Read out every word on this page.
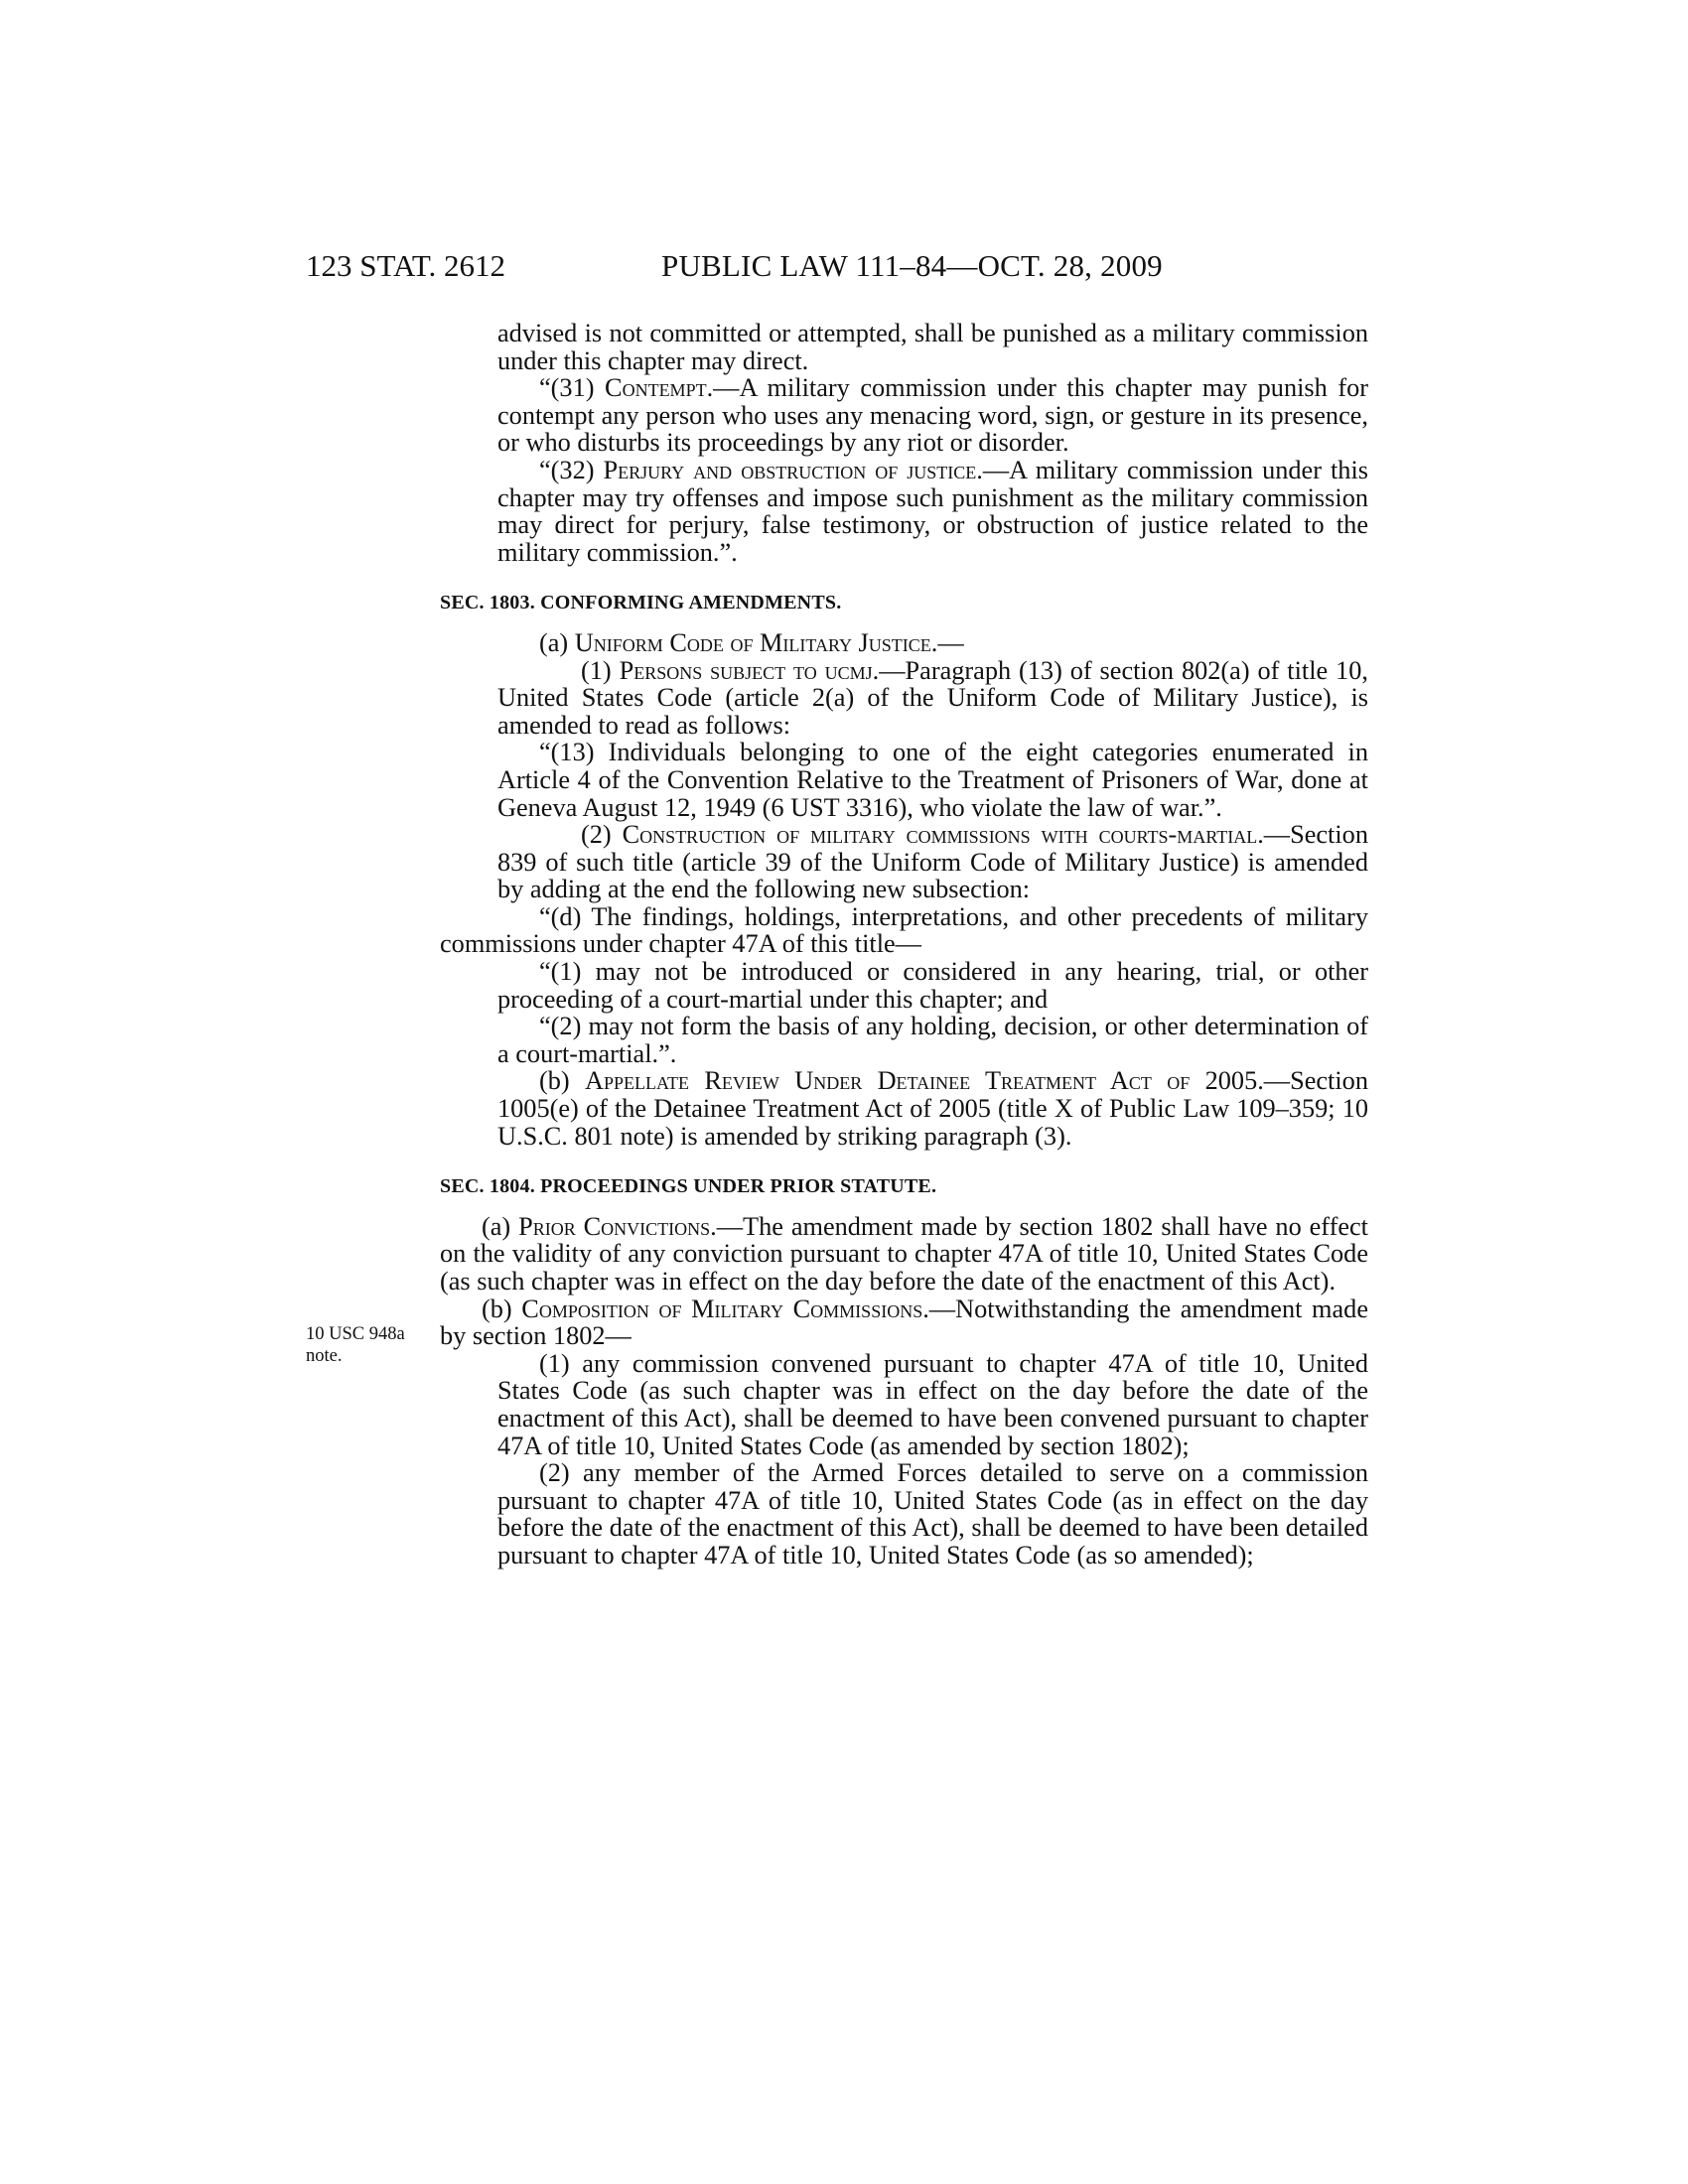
123 STAT. 2612	PUBLIC LAW 111–84—OCT. 28, 2009
10 USC 948a
note.

advised is not committed or attempted, shall be punished as a military commission under this chapter may direct.

“(31) Contempt.—A military commission under this chapter may punish for contempt any person who uses any menacing word, sign, or gesture in its presence, or who disturbs its proceedings by any riot or disorder.

“(32) Perjury and obstruction of justice.—A military commission under this chapter may try offenses and impose such punishment as the military commission may direct for perjury, false testimony, or obstruction of justice related to the military commission.”.

SEC. 1803. CONFORMING AMENDMENTS.

(a) Uniform Code of Military Justice.—

(1) Persons subject to ucmj.—Paragraph (13) of section 802(a) of title 10, United States Code (article 2(a) of the Uniform Code of Military Justice), is amended to read as follows:

“(13) Individuals belonging to one of the eight categories enumerated in Article 4 of the Convention Relative to the Treatment of Prisoners of War, done at Geneva August 12, 1949 (6 UST 3316), who violate the law of war.”.

(2) Construction of military commissions with courts-martial.—Section 839 of such title (article 39 of the Uniform Code of Military Justice) is amended by adding at the end the following new subsection:

“(d) The findings, holdings, interpretations, and other precedents of military commissions under chapter 47A of this title—

“(1) may not be introduced or considered in any hearing, trial, or other proceeding of a court-martial under this chapter; and

“(2) may not form the basis of any holding, decision, or other determination of a court-martial.”.

(b) Appellate Review Under Detainee Treatment Act of 2005.—Section 1005(e) of the Detainee Treatment Act of 2005 (title X of Public Law 109–359; 10 U.S.C. 801 note) is amended by striking paragraph (3).

SEC. 1804. PROCEEDINGS UNDER PRIOR STATUTE.

(a) Prior Convictions.—The amendment made by section 1802 shall have no effect on the validity of any conviction pursuant to chapter 47A of title 10, United States Code (as such chapter was in effect on the day before the date of the enactment of this Act).

(b) Composition of Military Commissions.—Notwithstanding the amendment made by section 1802—

(1) any commission convened pursuant to chapter 47A of title 10, United States Code (as such chapter was in effect on the day before the date of the enactment of this Act), shall be deemed to have been convened pursuant to chapter 47A of title 10, United States Code (as amended by section 1802);

(2) any member of the Armed Forces detailed to serve on a commission pursuant to chapter 47A of title 10, United States Code (as in effect on the day before the date of the enactment of this Act), shall be deemed to have been detailed pursuant to chapter 47A of title 10, United States Code (as so amended);
